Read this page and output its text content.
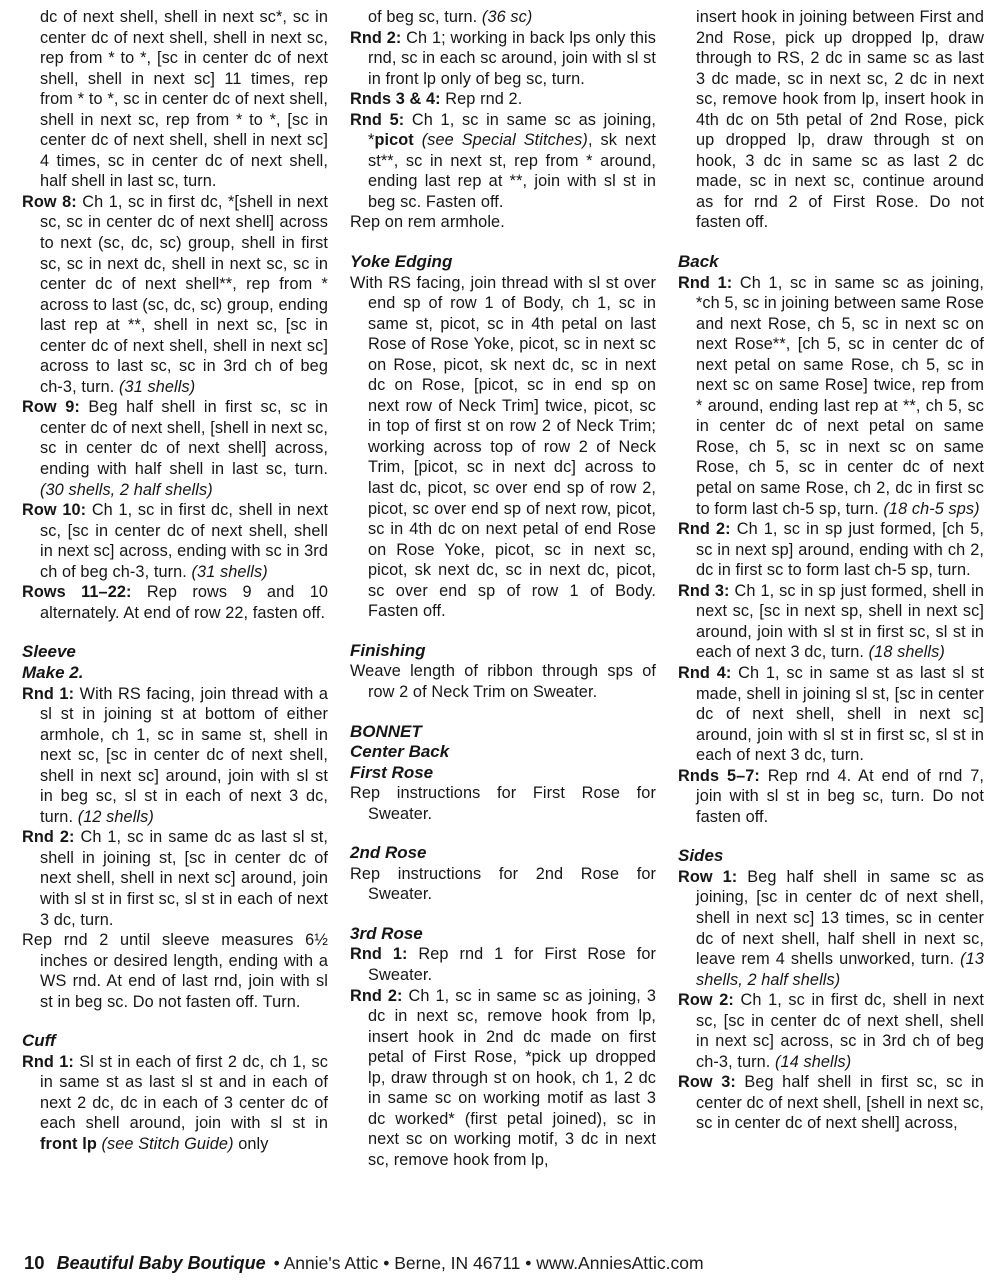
dc of next shell, shell in next sc*, sc in center dc of next shell, shell in next sc, rep from * to *, [sc in center dc of next shell, shell in next sc] 11 times, rep from * to *, sc in center dc of next shell, shell in next sc, rep from * to *, [sc in center dc of next shell, shell in next sc] 4 times, sc in center dc of next shell, half shell in last sc, turn.

Row 8: Ch 1, sc in first dc, *[shell in next sc, sc in center dc of next shell] across to next (sc, dc, sc) group, shell in first sc, sc in next dc, shell in next sc, sc in center dc of next shell**, rep from * across to last (sc, dc, sc) group, ending last rep at **, shell in next sc, [sc in center dc of next shell, shell in next sc] across to last sc, sc in 3rd ch of beg ch-3, turn. (31 shells)

Row 9: Beg half shell in first sc, sc in center dc of next shell, [shell in next sc, sc in center dc of next shell] across, ending with half shell in last sc, turn. (30 shells, 2 half shells)

Row 10: Ch 1, sc in first dc, shell in next sc, [sc in center dc of next shell, shell in next sc] across, ending with sc in 3rd ch of beg ch-3, turn. (31 shells)

Rows 11–22: Rep rows 9 and 10 alternately. At end of row 22, fasten off.

Sleeve
Make 2.

Rnd 1: With RS facing, join thread with a sl st in joining st at bottom of either armhole, ch 1, sc in same st, shell in next sc, [sc in center dc of next shell, shell in next sc] around, join with sl st in beg sc, sl st in each of next 3 dc, turn. (12 shells)

Rnd 2: Ch 1, sc in same dc as last sl st, shell in joining st, [sc in center dc of next shell, shell in next sc] around, join with sl st in first sc, sl st in each of next 3 dc, turn.

Rep rnd 2 until sleeve measures 6½ inches or desired length, ending with a WS rnd. At end of last rnd, join with sl st in beg sc. Do not fasten off. Turn.

Cuff

Rnd 1: Sl st in each of first 2 dc, ch 1, sc in same st as last sl st and in each of next 2 dc, dc in each of 3 center dc of each shell around, join with sl st in front lp (see Stitch Guide) only

of beg sc, turn. (36 sc)

Rnd 2: Ch 1; working in back lps only this rnd, sc in each sc around, join with sl st in front lp only of beg sc, turn.

Rnds 3 & 4: Rep rnd 2.

Rnd 5: Ch 1, sc in same sc as joining, *picot (see Special Stitches), sk next st**, sc in next st, rep from * around, ending last rep at **, join with sl st in beg sc. Fasten off.

Rep on rem armhole.

Yoke Edging

With RS facing, join thread with sl st over end sp of row 1 of Body, ch 1, sc in same st, picot, sc in 4th petal on last Rose of Rose Yoke, picot, sc in next sc on Rose, picot, sk next dc, sc in next dc on Rose, [picot, sc in end sp on next row of Neck Trim] twice, picot, sc in top of first st on row 2 of Neck Trim; working across top of row 2 of Neck Trim, [picot, sc in next dc] across to last dc, picot, sc over end sp of row 2, picot, sc over end sp of next row, picot, sc in 4th dc on next petal of end Rose on Rose Yoke, picot, sc in next sc, picot, sk next dc, sc in next dc, picot, sc over end sp of row 1 of Body. Fasten off.

Finishing

Weave length of ribbon through sps of row 2 of Neck Trim on Sweater.

BONNET
Center Back
First Rose

Rep instructions for First Rose for Sweater.

2nd Rose

Rep instructions for 2nd Rose for Sweater.

3rd Rose

Rnd 1: Rep rnd 1 for First Rose for Sweater.

Rnd 2: Ch 1, sc in same sc as joining, 3 dc in next sc, remove hook from lp, insert hook in 2nd dc made on first petal of First Rose, *pick up dropped lp, draw through st on hook, ch 1, 2 dc in same sc on working motif as last 3 dc worked* (first petal joined), sc in next sc on working motif, 3 dc in next sc, remove hook from lp,

insert hook in joining between First and 2nd Rose, pick up dropped lp, draw through to RS, 2 dc in same sc as last 3 dc made, sc in next sc, 2 dc in next sc, remove hook from lp, insert hook in 4th dc on 5th petal of 2nd Rose, pick up dropped lp, draw through st on hook, 3 dc in same sc as last 2 dc made, sc in next sc, continue around as for rnd 2 of First Rose. Do not fasten off.

Back

Rnd 1: Ch 1, sc in same sc as joining, *ch 5, sc in joining between same Rose and next Rose, ch 5, sc in next sc on next Rose**, [ch 5, sc in center dc of next petal on same Rose, ch 5, sc in next sc on same Rose] twice, rep from * around, ending last rep at **, ch 5, sc in center dc of next petal on same Rose, ch 5, sc in next sc on same Rose, ch 5, sc in center dc of next petal on same Rose, ch 2, dc in first sc to form last ch-5 sp, turn. (18 ch-5 sps)

Rnd 2: Ch 1, sc in sp just formed, [ch 5, sc in next sp] around, ending with ch 2, dc in first sc to form last ch-5 sp, turn.

Rnd 3: Ch 1, sc in sp just formed, shell in next sc, [sc in next sp, shell in next sc] around, join with sl st in first sc, sl st in each of next 3 dc, turn. (18 shells)

Rnd 4: Ch 1, sc in same st as last sl st made, shell in joining sl st, [sc in center dc of next shell, shell in next sc] around, join with sl st in first sc, sl st in each of next 3 dc, turn.

Rnds 5–7: Rep rnd 4. At end of rnd 7, join with sl st in beg sc, turn. Do not fasten off.

Sides

Row 1: Beg half shell in same sc as joining, [sc in center dc of next shell, shell in next sc] 13 times, sc in center dc of next shell, half shell in next sc, leave rem 4 shells unworked, turn. (13 shells, 2 half shells)

Row 2: Ch 1, sc in first dc, shell in next sc, [sc in center dc of next shell, shell in next sc] across, sc in 3rd ch of beg ch-3, turn. (14 shells)

Row 3: Beg half shell in first sc, sc in center dc of next shell, [shell in next sc, sc in center dc of next shell] across,

10 Beautiful Baby Boutique • Annie's Attic • Berne, IN 46711 • www.AnniesAttic.com
